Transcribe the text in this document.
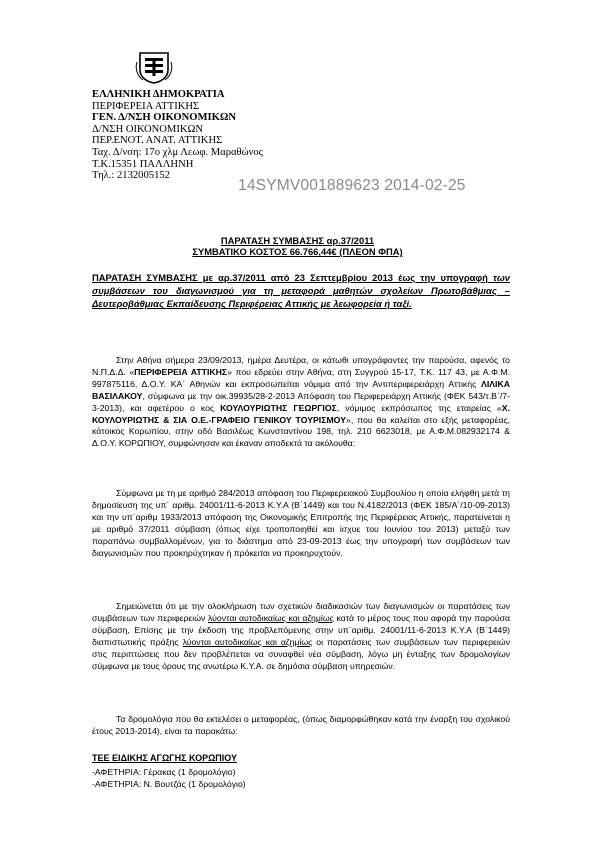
ΕΛΛΗΝΙΚΗ ΔΗΜΟΚΡΑΤΙΑ
ΠΕΡΙΦΕΡΕΙΑ ΑΤΤΙΚΗΣ
ΓΕΝ. Δ/ΝΣΗ ΟΙΚΟΝΟΜΙΚΩΝ
Δ/ΝΣΗ ΟΙΚΟΝΟΜΙΚΩΝ
ΠΕΡ.ΕΝΟΤ. ΑΝΑΤ. ΑΤΤΙΚΗΣ
Ταχ. Δ/νση: 17ο χλμ Λεωφ. Μαραθώνος
Τ.Κ.15351 ΠΑΛΛΗΝΗ
Τηλ.: 2132005152
14SYMV001889623 2014-02-25
ΠΑΡΑΤΑΣΗ ΣΥΜΒΑΣΗΣ αρ.37/2011
ΣΥΜΒΑΤΙΚΟ ΚΟΣΤΟΣ 66.766,44€ (ΠΛΕΟΝ ΦΠΑ)
ΠΑΡΑΤΑΣΗ ΣΥΜΒΑΣΗΣ με αρ.37/2011 από 23 Σεπτεμβρίου 2013 έως την υπογραφή των συμβάσεων του διαγωνισμού για τη μεταφορά μαθητών σχολείων Πρωτοβάθμιας – Δευτεροβάθμιας Εκπαίδευσης Περιφέρειας Αττικής με λεωφορεία ή ταξί.

Στην Αθήνα σήμερα 23/09/2013, ημέρα Δευτέρα, οι κάτωθι υπογράφοντες την παρούσα, αφενός το Ν.Π.Δ.Δ. «ΠΕΡΙΦΕΡΕΙΑ ΑΤΤΙΚΗΣ» που εδρεύει στην Αθήνα, στη Συγγρού 15-17, Τ.Κ. 117 43, με Α.Φ.Μ. 997875116, Δ.Ο.Υ. ΚΑ΄ Αθηνών και εκπροσωπείται νόμιμα από την Αντιπεριφερειάρχη Αττικής ΛΙΛΙΚΑ ΒΑΣΙΛΑΚΟΥ, σύμφωνα με την οικ.39935/28-2-2013 Απόφαση του Περιφερειάρχη Αττικής (ΦΕΚ 543/τ.Β΄/7-3-2013), και αφετέρου ο κος ΚΟΥΛΟΥΡΙΩΤΗΣ ΓΕΩΡΓΙΟΣ, νόμιμος εκπρόσωπος της εταιρείας «Χ. ΚΟΥΛΟΥΡΙΩΤΗΣ & ΣΙΑ Ο.Ε.-ΓΡΑΦΕΙΟ ΓΕΝΙΚΟΥ ΤΟΥΡΙΣΜΟΥ», που θα καλείται στο εξής μεταφορέας, κάτοικος Κορωπίου, στην οδό Βασιλέως Κωνσταντίνου 198, τηλ. 210 6623018, με Α.Φ.Μ.082932174 & Δ.Ο.Υ. ΚΟΡΩΠΙΟΥ, συμφώνησαν και έκαναν αποδεκτά τα ακόλουθα:

Σύμφωνα με τη με αριθμό 284/2013 απόφαση του Περιφερειακού Συμβουλίου η οποία ελήφθη μετά τη δημοσίευση της υπ΄ αριθμ. 24001/11-6-2013 Κ.Υ.Α (Β΄1449) και του Ν.4182/2013 (ΦΕΚ 185/Α΄/10-09-2013) και την υπ΄αριθμ 1933/2013 απόφαση της Οικονομικής Επιτροπής της Περιφέρειας Αττικής, παρατείνεται η με αριθμό 37/2011 σύμβαση (όπως είχε τροποποιηθεί και ίσχυε του Ιουνίου του 2013) μεταξύ των παραπάνω συμβαλλομένων, για το διάστημα από 23-09-2013 έως την υπογραφή των συμβάσεων των διαγωνισμών που προκηρύχτηκαν ή πρόκειται να προκηρυχτούν.

Σημειώνεται ότι με την ολοκλήρωση των σχετικών διαδικασιών των διαγωνισμών οι παρατάσεις των συμβάσεων των περιφερειών λύονται αυτοδικαίως και αζημίως κατά το μέρος τους που αφορά την παρούσα σύμβαση, Επίσης με την έκδοση της προβλεπόμενης στην υπ΄αριθμ. 24001/11-6-2013 Κ.Υ.Α (Β΄1449) διαπιστωτικής πράξης λύονται αυτοδικαίως και αζημίως οι παρατάσεις των συμβάσεων των περιφερειών στις περιπτώσεις που δεν προβλέπεται να συναφθεί νέα σύμβαση, λόγω μη ένταξης των δρομολογίων σύμφωνα με τους όρους της ανωτέρω Κ.Υ.Α. σε δημόσια σύμβαση υπηρεσιών.

Τα δρομολόγια που θα εκτελέσει ο μεταφορέας, (όπως διαμορφώθηκαν κατά την έναρξη του σχολικού έτους 2013-2014), είναι τα παρακάτω:

ΤΕΕ ΕΙΔΙΚΗΣ ΑΓΩΓΗΣ ΚΟΡΩΠΙΟΥ
-ΑΦΕΤΗΡΙΑ: Γέρακας (1 δρομολόγιο)
-ΑΦΕΤΗΡΙΑ: Ν. Βουτζάς (1 δρομολόγιο)
